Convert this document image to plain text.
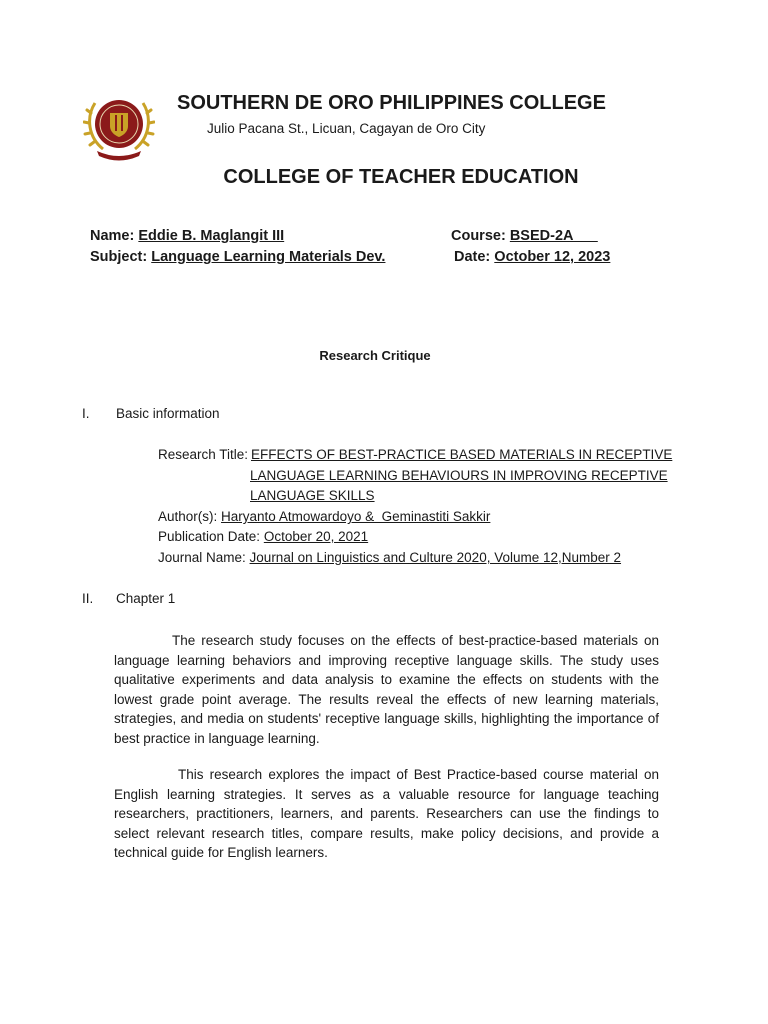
SOUTHERN DE ORO PHILIPPINES COLLEGE
Julio Pacana St., Licuan, Cagayan de Oro City
COLLEGE OF TEACHER EDUCATION
Name: Eddie B. Maglangit III	Course: BSED-2A___
Subject: Language Learning Materials Dev.	Date: October 12, 2023
Research Critique
I. Basic information
Research Title: EFFECTS OF BEST-PRACTICE BASED MATERIALS IN RECEPTIVE
LANGUAGE LEARNING BEHAVIOURS IN IMPROVING RECEPTIVE
LANGUAGE SKILLS
Author(s): Haryanto Atmowardoyo &  Geminastiti Sakkir
Publication Date: October 20, 2021
Journal Name: Journal on Linguistics and Culture 2020, Volume 12,Number 2
II. Chapter 1

The research study focuses on the effects of best-practice-based materials on language learning behaviors and improving receptive language skills. The study uses qualitative experiments and data analysis to examine the effects on students with the lowest grade point average. The results reveal the effects of new learning materials, strategies, and media on students' receptive language skills, highlighting the importance of best practice in language learning.

This research explores the impact of Best Practice-based course material on English learning strategies. It serves as a valuable resource for language teaching researchers, practitioners, learners, and parents. Researchers can use the findings to select relevant research titles, compare results, make policy decisions, and provide a technical guide for English learners.
